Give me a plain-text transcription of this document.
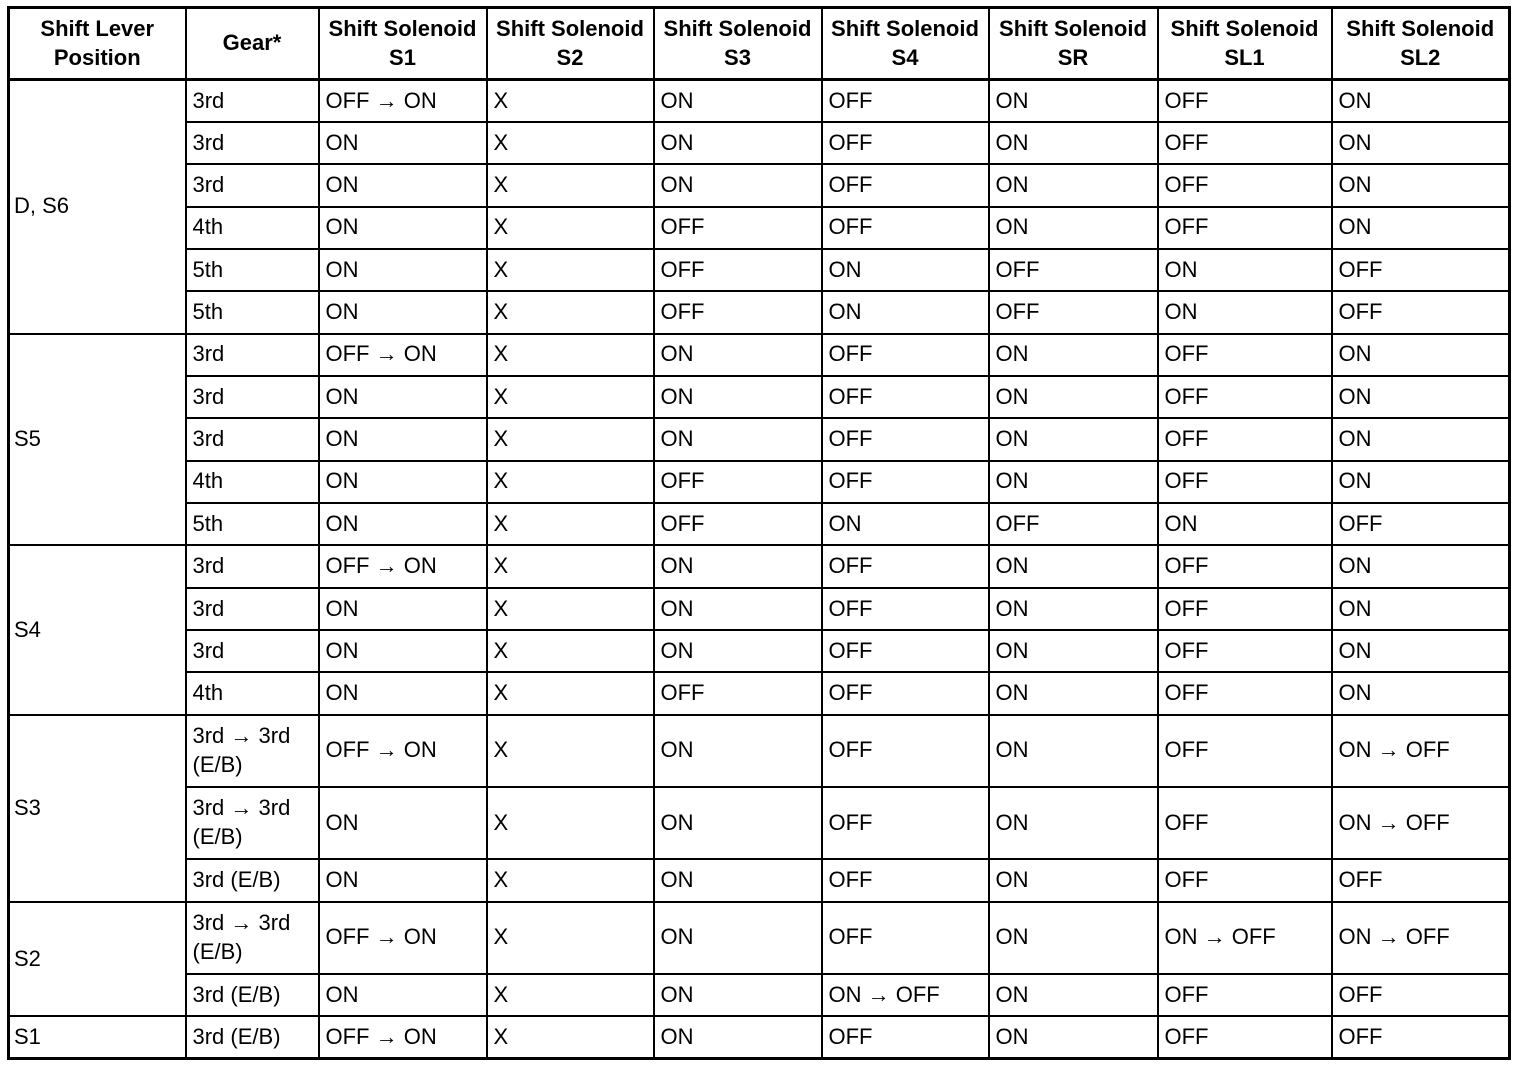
Shift Lever Position	Gear*	Shift Solenoid S1	Shift Solenoid S2	Shift Solenoid S3	Shift Solenoid S4	Shift Solenoid SR	Shift Solenoid SL1	Shift Solenoid SL2
D, S6	3rd	OFF → ON	X	ON	OFF	ON	OFF	ON
	3rd	ON	X	ON	OFF	ON	OFF	ON
	3rd	ON	X	ON	OFF	ON	OFF	ON
	4th	ON	X	OFF	OFF	ON	OFF	ON
	5th	ON	X	OFF	ON	OFF	ON	OFF
	5th	ON	X	OFF	ON	OFF	ON	OFF
S5	3rd	OFF → ON	X	ON	OFF	ON	OFF	ON
	3rd	ON	X	ON	OFF	ON	OFF	ON
	3rd	ON	X	ON	OFF	ON	OFF	ON
	4th	ON	X	OFF	OFF	ON	OFF	ON
	5th	ON	X	OFF	ON	OFF	ON	OFF
S4	3rd	OFF → ON	X	ON	OFF	ON	OFF	ON
	3rd	ON	X	ON	OFF	ON	OFF	ON
	3rd	ON	X	ON	OFF	ON	OFF	ON
	4th	ON	X	OFF	OFF	ON	OFF	ON
S3	3rd → 3rd (E/B)	OFF → ON	X	ON	OFF	ON	OFF	ON → OFF
	3rd → 3rd (E/B)	ON	X	ON	OFF	ON	OFF	ON → OFF
	3rd (E/B)	ON	X	ON	OFF	ON	OFF	OFF
S2	3rd → 3rd (E/B)	OFF → ON	X	ON	OFF	ON	ON → OFF	ON → OFF
	3rd (E/B)	ON	X	ON	ON → OFF	ON	OFF	OFF
S1	3rd (E/B)	OFF → ON	X	ON	OFF	ON	OFF	OFF
